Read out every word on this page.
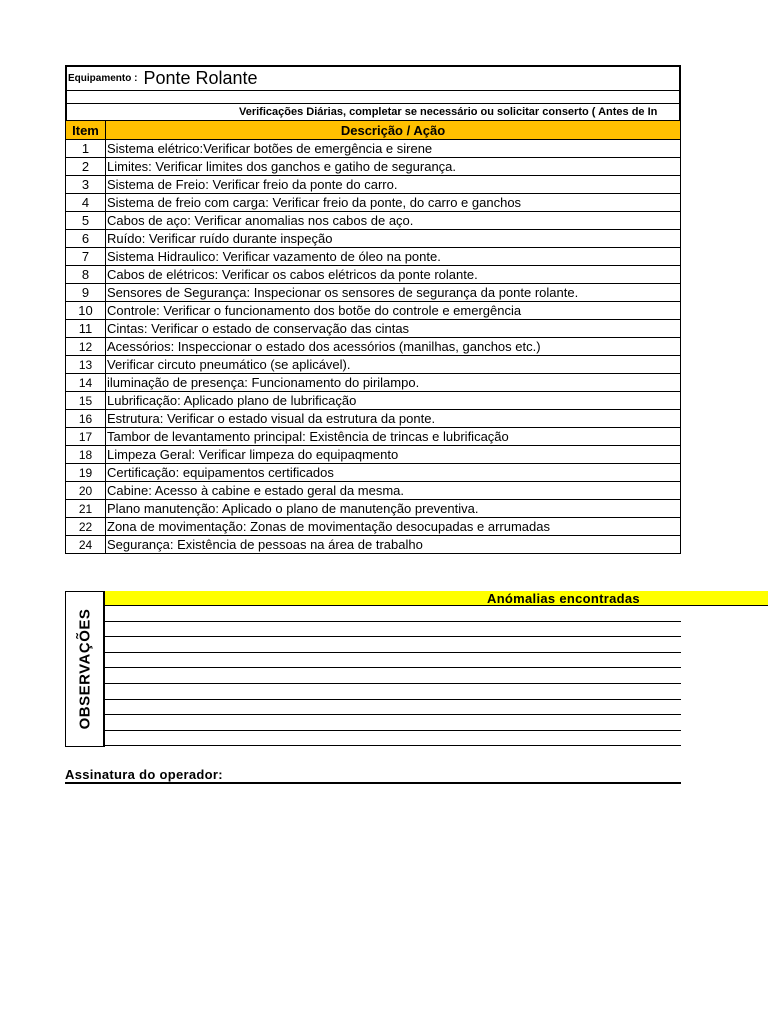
Equipamento : Ponte Rolante
Verificações Diárias, completar se necessário ou solicitar conserto ( Antes de In
Item	Descrição / Ação
1	Sistema elétrico:Verificar botões de emergência e sirene
2	Limites: Verificar limites dos ganchos e gatiho de segurança.
3	Sistema de Freio: Verificar freio da ponte do carro.
4	Sistema de freio com carga: Verificar freio da ponte, do carro e ganchos
5	Cabos de aço: Verificar anomalias nos cabos de aço.
6	Ruído: Verificar ruído durante inspeção
7	Sistema Hidraulico: Verificar vazamento de óleo na ponte.
8	Cabos de elétricos: Verificar os cabos elétricos da ponte rolante.
9	Sensores de Segurança: Inspecionar os sensores de segurança da ponte rolante.
10	Controle: Verificar o funcionamento dos botõe do controle e emergência
11	Cintas: Verificar o estado de conservação das cintas
12	Acessórios: Inspeccionar o estado dos acessórios (manilhas, ganchos etc.)
13	Verificar circuto pneumático (se aplicável).
14	iluminação de presença: Funcionamento do pirilampo.
15	Lubrificação: Aplicado plano de lubrificação
16	Estrutura: Verificar o estado visual da estrutura da ponte.
17	Tambor de levantamento principal: Existência de trincas e lubrificação
18	Limpeza Geral: Verificar limpeza do equipaqmento
19	Certificação: equipamentos certificados
20	Cabine: Acesso à cabine e estado geral da mesma.
21	Plano manutenção: Aplicado o plano de manutenção preventiva.
22	Zona de movimentação: Zonas de movimentação desocupadas e arrumadas
24	Segurança: Existência de pessoas na área de trabalho
OBSERVAÇÕES
Anómalias encontradas
Assinatura do operador:
